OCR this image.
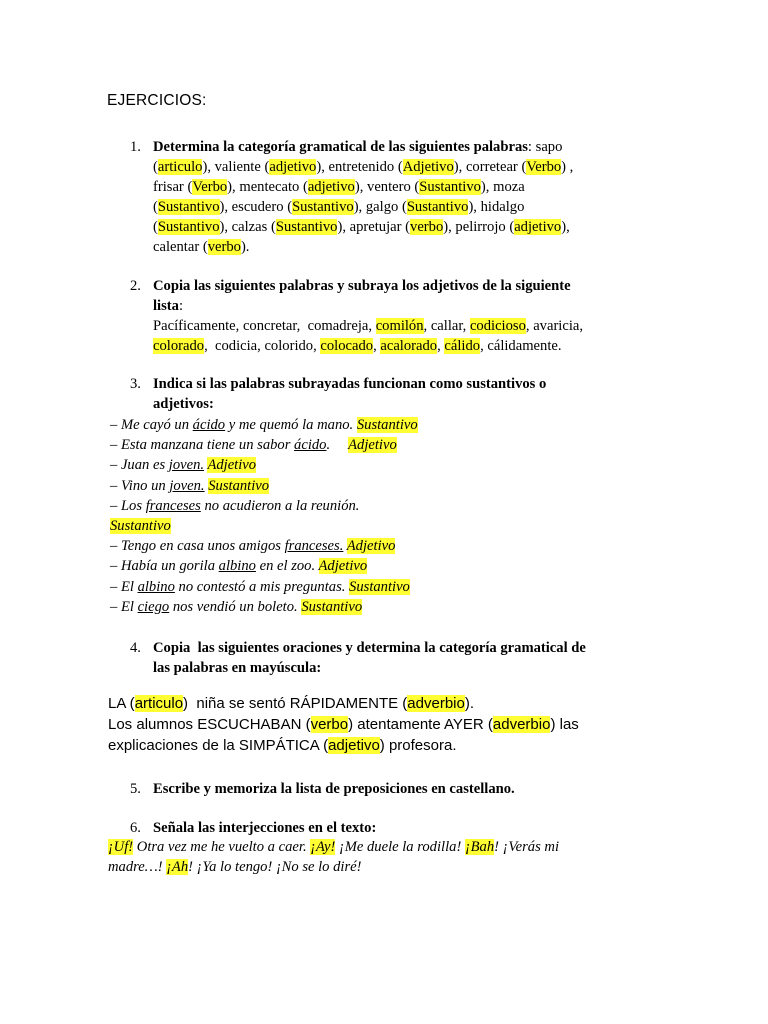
EJERCICIOS:
1. Determina la categoría gramatical de las siguientes palabras: sapo
(articulo), valiente (adjetivo), entretenido (Adjetivo), corretear (Verbo) ,
frisar (Verbo), mentecato (adjetivo), ventero (Sustantivo), moza
(Sustantivo), escudero (Sustantivo), galgo (Sustantivo), hidalgo
(Sustantivo), calzas (Sustantivo), apretujar (verbo), pelirrojo (adjetivo),
calentar (verbo).
2. Copia las siguientes palabras y subraya los adjetivos de la siguiente
lista:
Pacíficamente, concretar,  comadreja, comilón, callar, codicioso, avaricia,
colorado,  codicia, colorido, colocado, acalorado, cálido, cálidamente.
3. Indica si las palabras subrayadas funcionan como sustantivos o
adjetivos:
– Me cayó un ácido y me quemó la mano. Sustantivo
– Esta manzana tiene un sabor ácido.     Adjetivo
– Juan es joven. Adjetivo
– Vino un joven. Sustantivo
– Los franceses no acudieron a la reunión.
Sustantivo
– Tengo en casa unos amigos franceses. Adjetivo
– Había un gorila albino en el zoo. Adjetivo
– El albino no contestó a mis preguntas. Sustantivo
– El ciego nos vendió un boleto. Sustantivo
4. Copia  las siguientes oraciones y determina la categoría gramatical de
las palabras en mayúscula:
LA (articulo)  niña se sentó RÁPIDAMENTE (adverbio).
Los alumnos ESCUCHABAN (verbo) atentamente AYER (adverbio) las
explicaciones de la SIMPÁTICA (adjetivo) profesora.
5. Escribe y memoriza la lista de preposiciones en castellano.
6. Señala las interjecciones en el texto:
¡Uf! Otra vez me he vuelto a caer. ¡Ay! ¡Me duele la rodilla! ¡Bah! ¡Verás mi
madre…! ¡Ah! ¡Ya lo tengo! ¡No se lo diré!
